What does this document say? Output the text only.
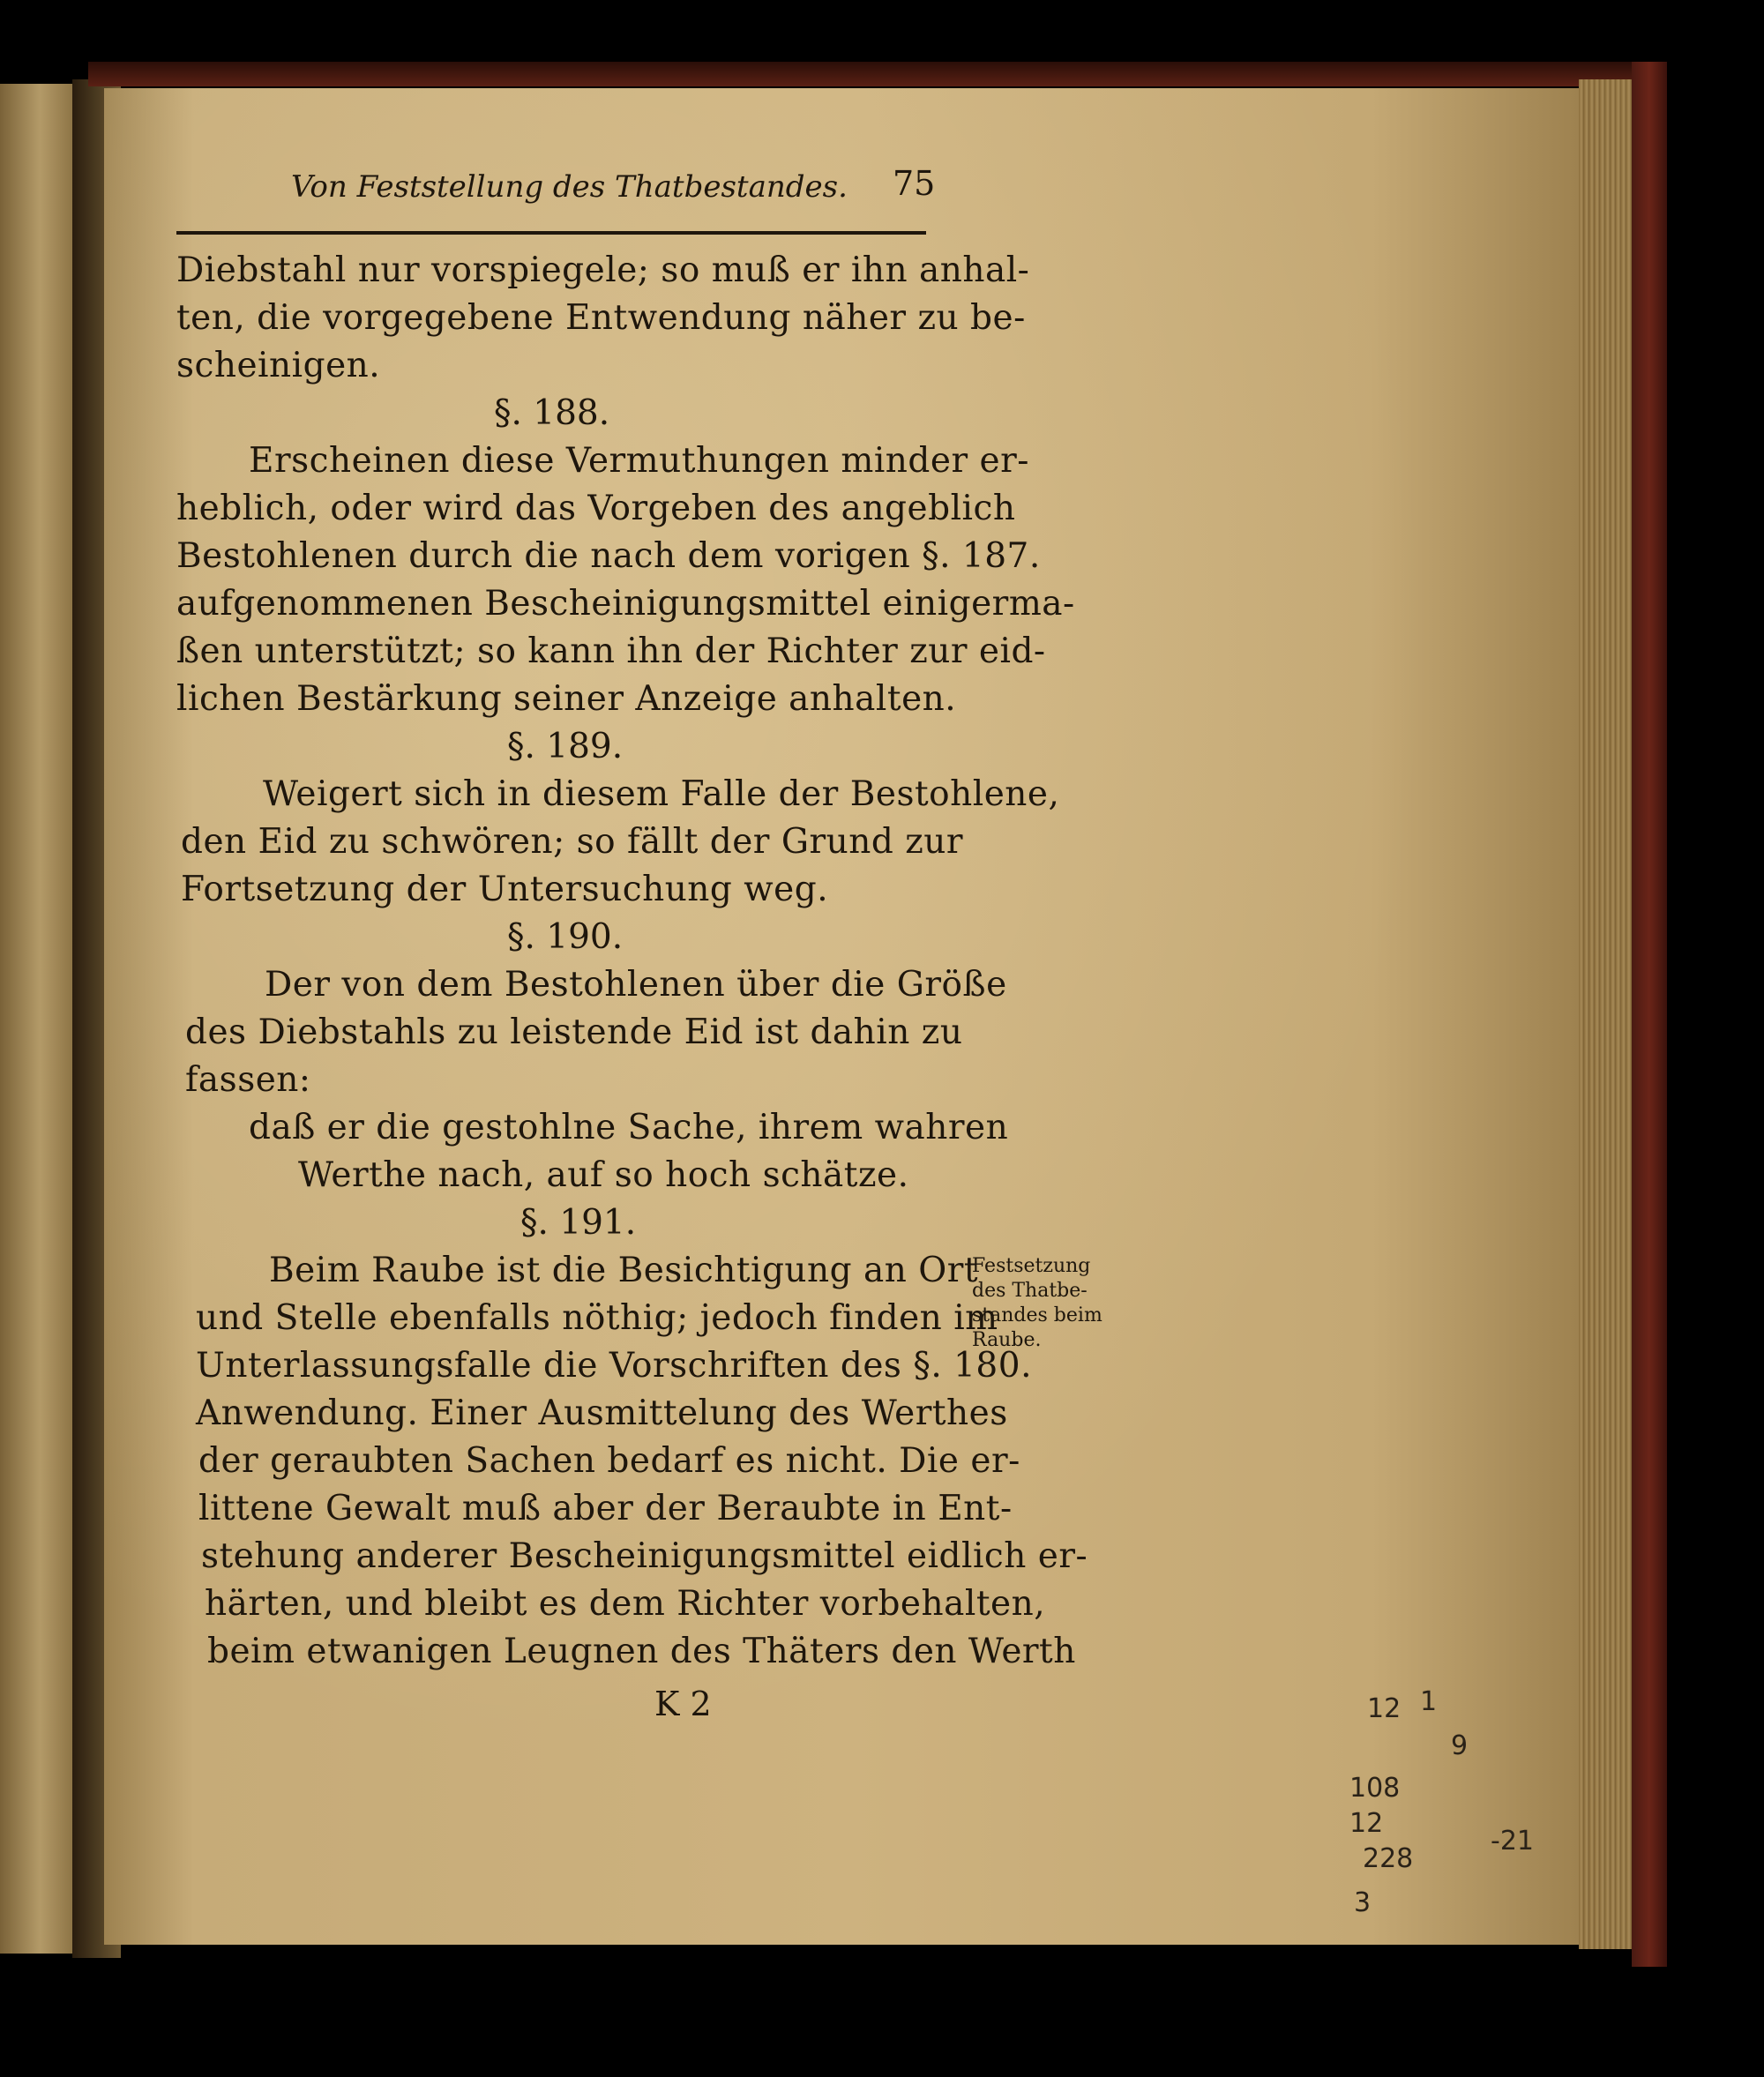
Von Feststellung des Thatbestandes. 75
Diebstahl nur vorspiegele; so muß er ihn anhal-
ten, die vorgegebene Entwendung näher zu be-
scheinigen.
§. 188.
Erscheinen diese Vermuthungen minder er-
heblich, oder wird das Vorgeben des angeblich
Bestohlenen durch die nach dem vorigen §. 187.
aufgenommenen Bescheinigungsmittel einigerma-
ßen unterstützt; so kann ihn der Richter zur eid-
lichen Bestärkung seiner Anzeige anhalten.
§. 189.
Weigert sich in diesem Falle der Bestohlene,
den Eid zu schwören; so fällt der Grund zur
Fortsetzung der Untersuchung weg.
§. 190.
Der von dem Bestohlenen über die Größe
des Diebstahls zu leistende Eid ist dahin zu
fassen:
daß er die gestohlne Sache, ihrem wahren
Werthe nach, auf so hoch schätze.
§. 191.
Beim Raube ist die Besichtigung an Ort
und Stelle ebenfalls nöthig; jedoch finden im
Unterlassungsfalle die Vorschriften des §. 180.
Anwendung. Einer Ausmittelung des Werthes
der geraubten Sachen bedarf es nicht. Die er-
littene Gewalt muß aber der Beraubte in Ent-
stehung anderer Bescheinigungsmittel eidlich er-
härten, und bleibt es dem Richter vorbehalten,
beim etwanigen Leugnen des Thäters den Werth
Festsetzung
des Thatbe-
standes beim
Raube.
K 2	12 1
9
108
12
228
3
-21
